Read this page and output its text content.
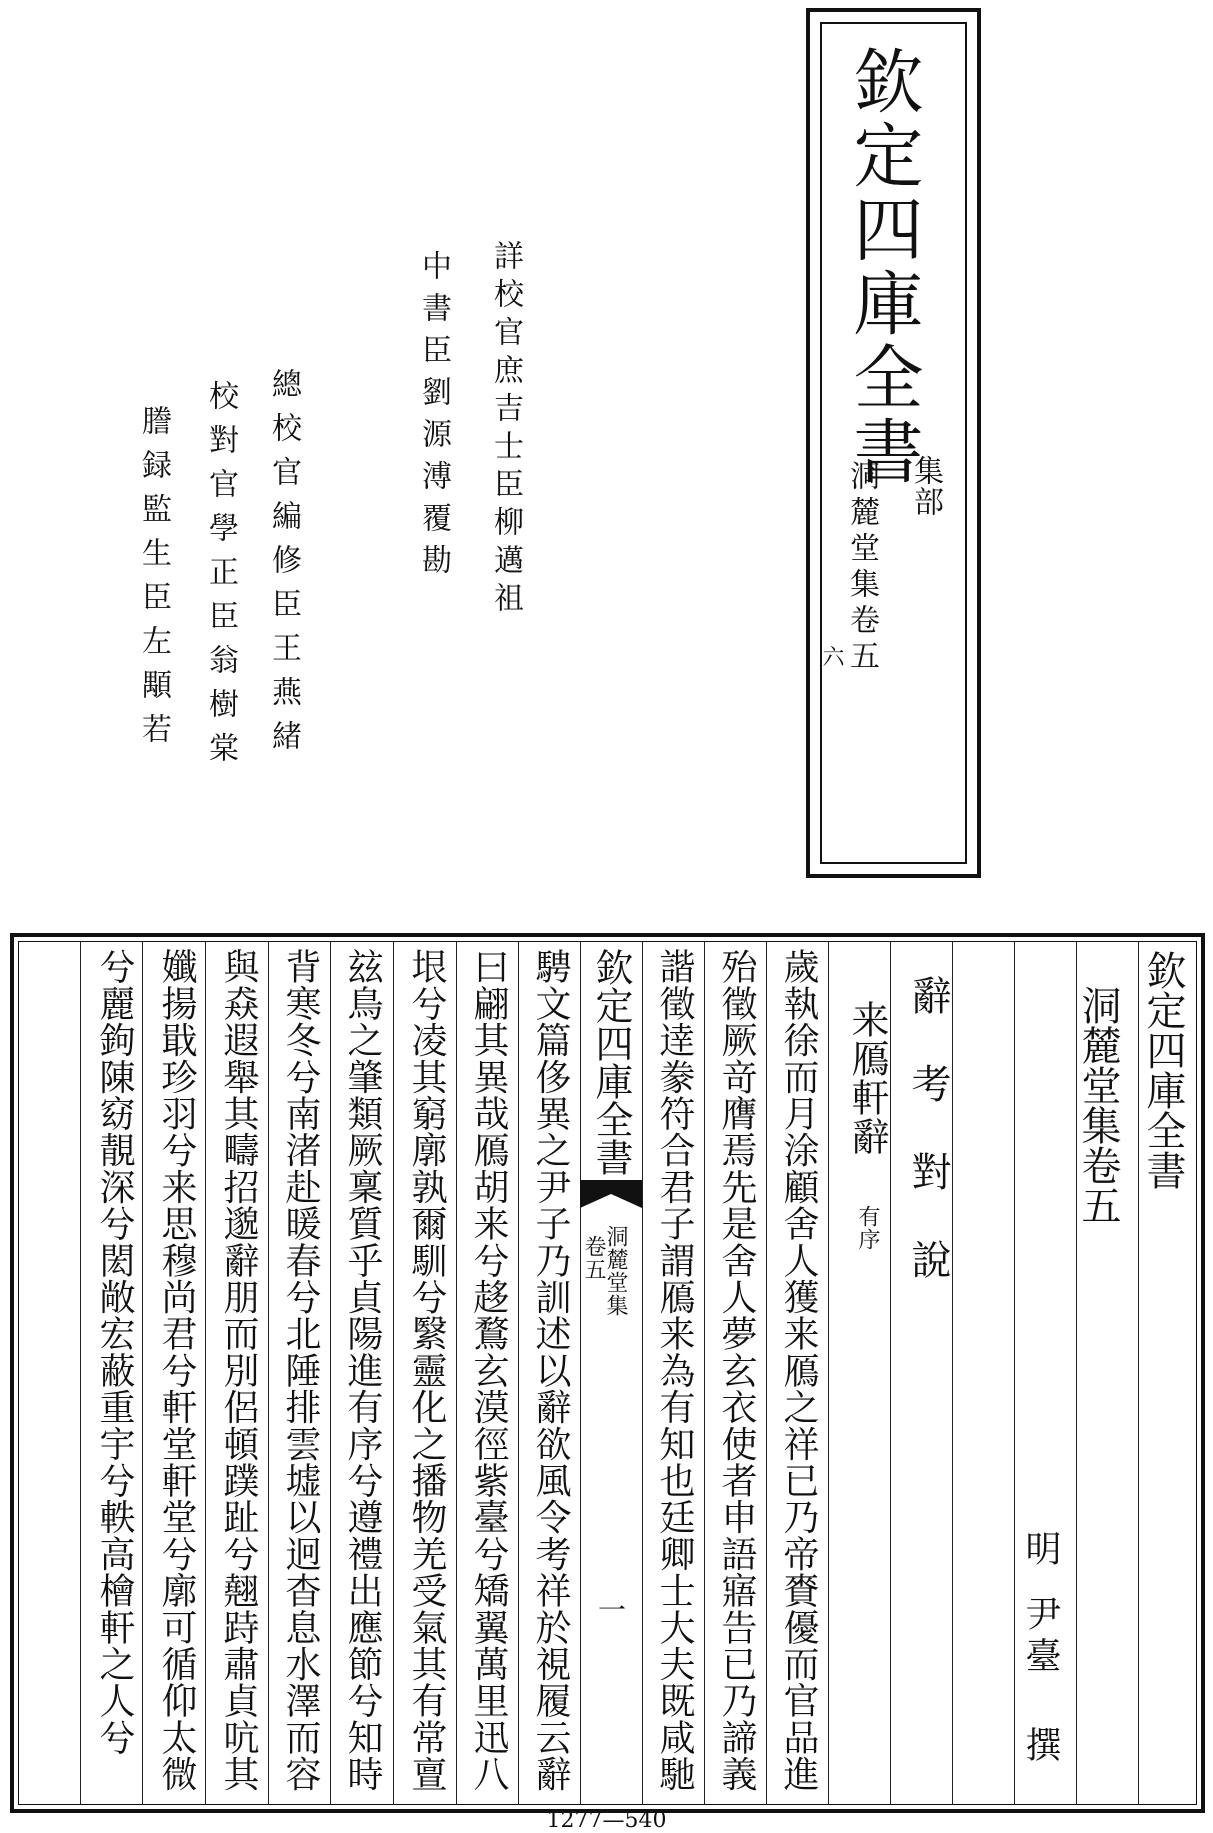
欽定四庫全書
集部
洞麓堂集卷五
六
詳校官庶吉士臣柳邁祖
中書臣劉源溥覆勘
總校官編修臣王燕緒
校對官學正臣翁樹棠
謄録監生臣左顒若
欽定四庫全書
洞麓堂集卷五
明
尹臺 撰
辭 考 對 說
来鴈軒辭
有序
歲執徐而月涂顧舍人獲来鴈之祥已乃帝賚優而官品進
殆徵厥竒膺焉先是舍人夢玄衣使者申語寤告已乃諦義
諧徵逹豢符合君子謂鴈来為有知也廷卿士大夫既咸馳
欽定四庫全書
洞麓堂集
卷五
一
騁文篇侈異之尹子乃訓述以辭欲風令考祥於視履云辭
曰翩其異哉鴈胡来兮趍鶩玄漠徑紫臺兮矯翼萬里迅八
垠兮凌其窮廓孰爾馴兮繄靈化之播物羌受氣其有常亶
玆鳥之肇類厥稟質乎貞陽進有序兮遵禮出應節兮知時
背寒冬兮南渚赴暖春兮北陲排雲墟以迥杳息水澤而容
與猋遐舉其疇招邈辭朋而別侶頓蹼趾兮翹跱肅貞吭其
孅揚戢珍羽兮来思穆尚君兮軒堂軒堂兮廓可循仰太微
兮麗鉤陳窈靚深兮閎敞宏蔽重宇兮軼高檜軒之人兮
1277—540
